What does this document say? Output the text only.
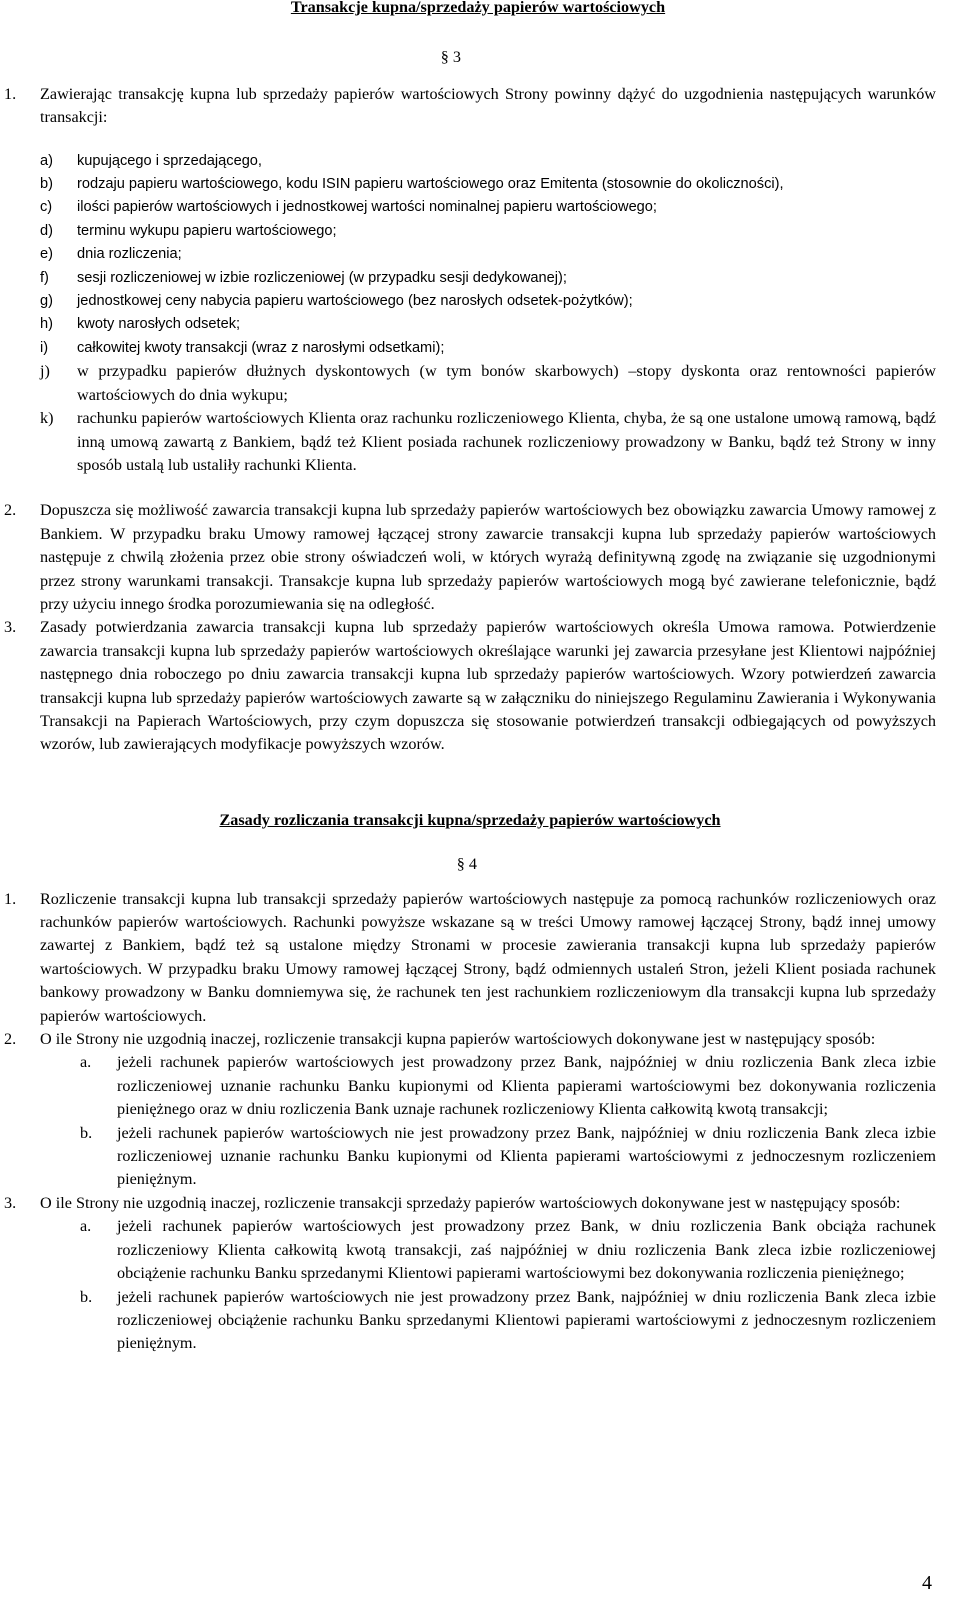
Transakcje kupna/sprzedaży papierów wartościowych
§ 3
1. Zawierając transakcję kupna lub sprzedaży papierów wartościowych Strony powinny dążyć do uzgodnienia następujących warunków transakcji:
a) kupującego i sprzedającego,
b) rodzaju papieru wartościowego, kodu ISIN papieru wartościowego oraz Emitenta (stosownie do okoliczności),
c) ilości papierów wartościowych i jednostkowej wartości nominalnej papieru wartościowego;
d) terminu wykupu papieru wartościowego;
e) dnia rozliczenia;
f) sesji rozliczeniowej w izbie rozliczeniowej (w przypadku sesji dedykowanej);
g) jednostkowej ceny nabycia papieru wartościowego (bez narosłych odsetek-pożytków);
h) kwoty narosłych odsetek;
i) całkowitej kwoty transakcji (wraz z narosłymi odsetkami);
j) w przypadku papierów dłużnych dyskontowych (w tym bonów skarbowych) –stopy dyskonta oraz rentowności papierów wartościowych do dnia wykupu;
k) rachunku papierów wartościowych Klienta oraz rachunku rozliczeniowego Klienta, chyba, że są one ustalone umową ramową, bądź inną umową zawartą z Bankiem, bądź też Klient posiada rachunek rozliczeniowy prowadzony w Banku, bądź też Strony w inny sposób ustalą lub ustaliły rachunki Klienta.
2. Dopuszcza się możliwość zawarcia transakcji kupna lub sprzedaży papierów wartościowych bez obowiązku zawarcia Umowy ramowej z Bankiem. W przypadku braku Umowy ramowej łączącej strony zawarcie transakcji kupna lub sprzedaży papierów wartościowych następuje z chwilą złożenia przez obie strony oświadczeń woli, w których wyrażą definitywną zgodę na związanie się uzgodnionymi przez strony warunkami transakcji. Transakcje kupna lub sprzedaży papierów wartościowych mogą być zawierane telefonicznie, bądź przy użyciu innego środka porozumiewania się na odległość.
3. Zasady potwierdzania zawarcia transakcji kupna lub sprzedaży papierów wartościowych określa Umowa ramowa. Potwierdzenie zawarcia transakcji kupna lub sprzedaży papierów wartościowych określające warunki jej zawarcia przesyłane jest Klientowi najpóźniej następnego dnia roboczego po dniu zawarcia transakcji kupna lub sprzedaży papierów wartościowych. Wzory potwierdzeń zawarcia transakcji kupna lub sprzedaży papierów wartościowych zawarte są w załączniku do niniejszego Regulaminu Zawierania i Wykonywania Transakcji na Papierach Wartościowych, przy czym dopuszcza się stosowanie potwierdzeń transakcji odbiegających od powyższych wzorów, lub zawierających modyfikacje powyższych wzorów.
Zasady rozliczania transakcji kupna/sprzedaży papierów wartościowych
§ 4
1. Rozliczenie transakcji kupna lub transakcji sprzedaży papierów wartościowych następuje za pomocą rachunków rozliczeniowych oraz rachunków papierów wartościowych. Rachunki powyższe wskazane są w treści Umowy ramowej łączącej Strony, bądź innej umowy zawartej z Bankiem, bądź też są ustalone między Stronami w procesie zawierania transakcji kupna lub sprzedaży papierów wartościowych. W przypadku braku Umowy ramowej łączącej Strony, bądź odmiennych ustaleń Stron, jeżeli Klient posiada rachunek bankowy prowadzony w Banku domniemywa się, że rachunek ten jest rachunkiem rozliczeniowym dla transakcji kupna lub sprzedaży papierów wartościowych.
2. O ile Strony nie uzgodnią inaczej, rozliczenie transakcji kupna papierów wartościowych dokonywane jest w następujący sposób:
a. jeżeli rachunek papierów wartościowych jest prowadzony przez Bank, najpóźniej w dniu rozliczenia Bank zleca izbie rozliczeniowej uznanie rachunku Banku kupionymi od Klienta papierami wartościowymi bez dokonywania rozliczenia pieniężnego oraz w dniu rozliczenia Bank uznaje rachunek rozliczeniowy Klienta całkowitą kwotą transakcji;
b. jeżeli rachunek papierów wartościowych nie jest prowadzony przez Bank, najpóźniej w dniu rozliczenia Bank zleca izbie rozliczeniowej uznanie rachunku Banku kupionymi od Klienta papierami wartościowymi z jednoczesnym rozliczeniem pieniężnym.
3. O ile Strony nie uzgodnią inaczej, rozliczenie transakcji sprzedaży papierów wartościowych dokonywane jest w następujący sposób:
a. jeżeli rachunek papierów wartościowych jest prowadzony przez Bank, w dniu rozliczenia Bank obciąża rachunek rozliczeniowy Klienta całkowitą kwotą transakcji, zaś najpóźniej w dniu rozliczenia Bank zleca izbie rozliczeniowej obciążenie rachunku Banku sprzedanymi Klientowi papierami wartościowymi bez dokonywania rozliczenia pieniężnego;
b. jeżeli rachunek papierów wartościowych nie jest prowadzony przez Bank, najpóźniej w dniu rozliczenia Bank zleca izbie rozliczeniowej obciążenie rachunku Banku sprzedanymi Klientowi papierami wartościowymi z jednoczesnym rozliczeniem pieniężnym.
4
